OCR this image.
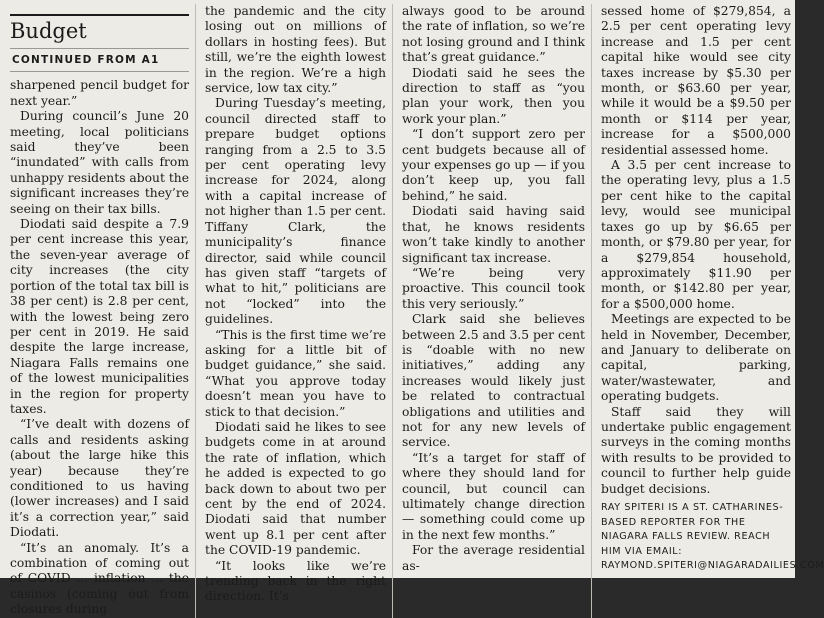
Budget
CONTINUED FROM A1

sharpened pencil budget for next year.”

During council’s June 20 meeting, local politicians said they’ve been “inundated” with calls from unhappy residents about the significant increases they’re seeing on their tax bills.

Diodati said despite a 7.9 per cent increase this year, the seven-year average of city increases (the city portion of the total tax bill is 38 per cent) is 2.8 per cent, with the lowest being zero per cent in 2019. He said despite the large increase, Niagara Falls remains one of the lowest municipalities in the region for property taxes.

“I’ve dealt with dozens of calls and residents asking (about the large hike this year) because they’re conditioned to us having (lower increases) and I said it’s a correction year,” said Diodati.

“It’s an anomaly. It’s a combination of coming out of COVID ... inflation ... the casinos (coming out from closures during

the pandemic and the city losing out on millions of dollars in hosting fees). But still, we’re the eighth lowest in the region. We’re a high service, low tax city.”

During Tuesday’s meeting, council directed staff to prepare budget options ranging from a 2.5 to 3.5 per cent operating levy increase for 2024, along with a capital increase of not higher than 1.5 per cent. Tiffany Clark, the municipality’s finance director, said while council has given staff “targets of what to hit,” politicians are not “locked” into the guidelines.

“This is the first time we’re asking for a little bit of budget guidance,” she said. “What you approve today doesn’t mean you have to stick to that decision.”

Diodati said he likes to see budgets come in at around the rate of inflation, which he added is expected to go back down to about two per cent by the end of 2024. Diodati said that number went up 8.1 per cent after the COVID-19 pandemic.

“It looks like we’re trending back in the right direction. It’s

always good to be around the rate of inflation, so we’re not losing ground and I think that’s great guidance.”

Diodati said he sees the direction to staff as “you plan your work, then you work your plan.”

“I don’t support zero per cent budgets because all of your expenses go up — if you don’t keep up, you fall behind,” he said.

Diodati said having said that, he knows residents won’t take kindly to another significant tax increase.

“We’re being very proactive. This council took this very seriously.”

Clark said she believes between 2.5 and 3.5 per cent is “doable with no new initiatives,” adding any increases would likely just be related to contractual obligations and utilities and not for any new levels of service.

“It’s a target for staff of where they should land for council, but council can ultimately change direction — something could come up in the next few months.”

For the average residential as-

sessed home of $279,854, a 2.5 per cent operating levy increase and 1.5 per cent capital hike would see city taxes increase by $5.30 per month, or $63.60 per year, while it would be a $9.50 per month or $114 per year, increase for a $500,000 residential assessed home.

A 3.5 per cent increase to the operating levy, plus a 1.5 per cent hike to the capital levy, would see municipal taxes go up by $6.65 per month, or $79.80 per year, for a $279,854 household, approximately $11.90 per month, or $142.80 per year, for a $500,000 home.

Meetings are expected to be held in November, December, and January to deliberate on capital, parking, water/wastewater, and operating budgets.

Staff said they will undertake public engagement surveys in the coming months with results to be provided to council to further help guide budget decisions.

RAY SPITERI IS A ST. CATHARINES-BASED REPORTER FOR THE NIAGARA FALLS REVIEW. REACH HIM VIA EMAIL: RAYMOND.SPITERI@NIAGARADAILIES.COM
